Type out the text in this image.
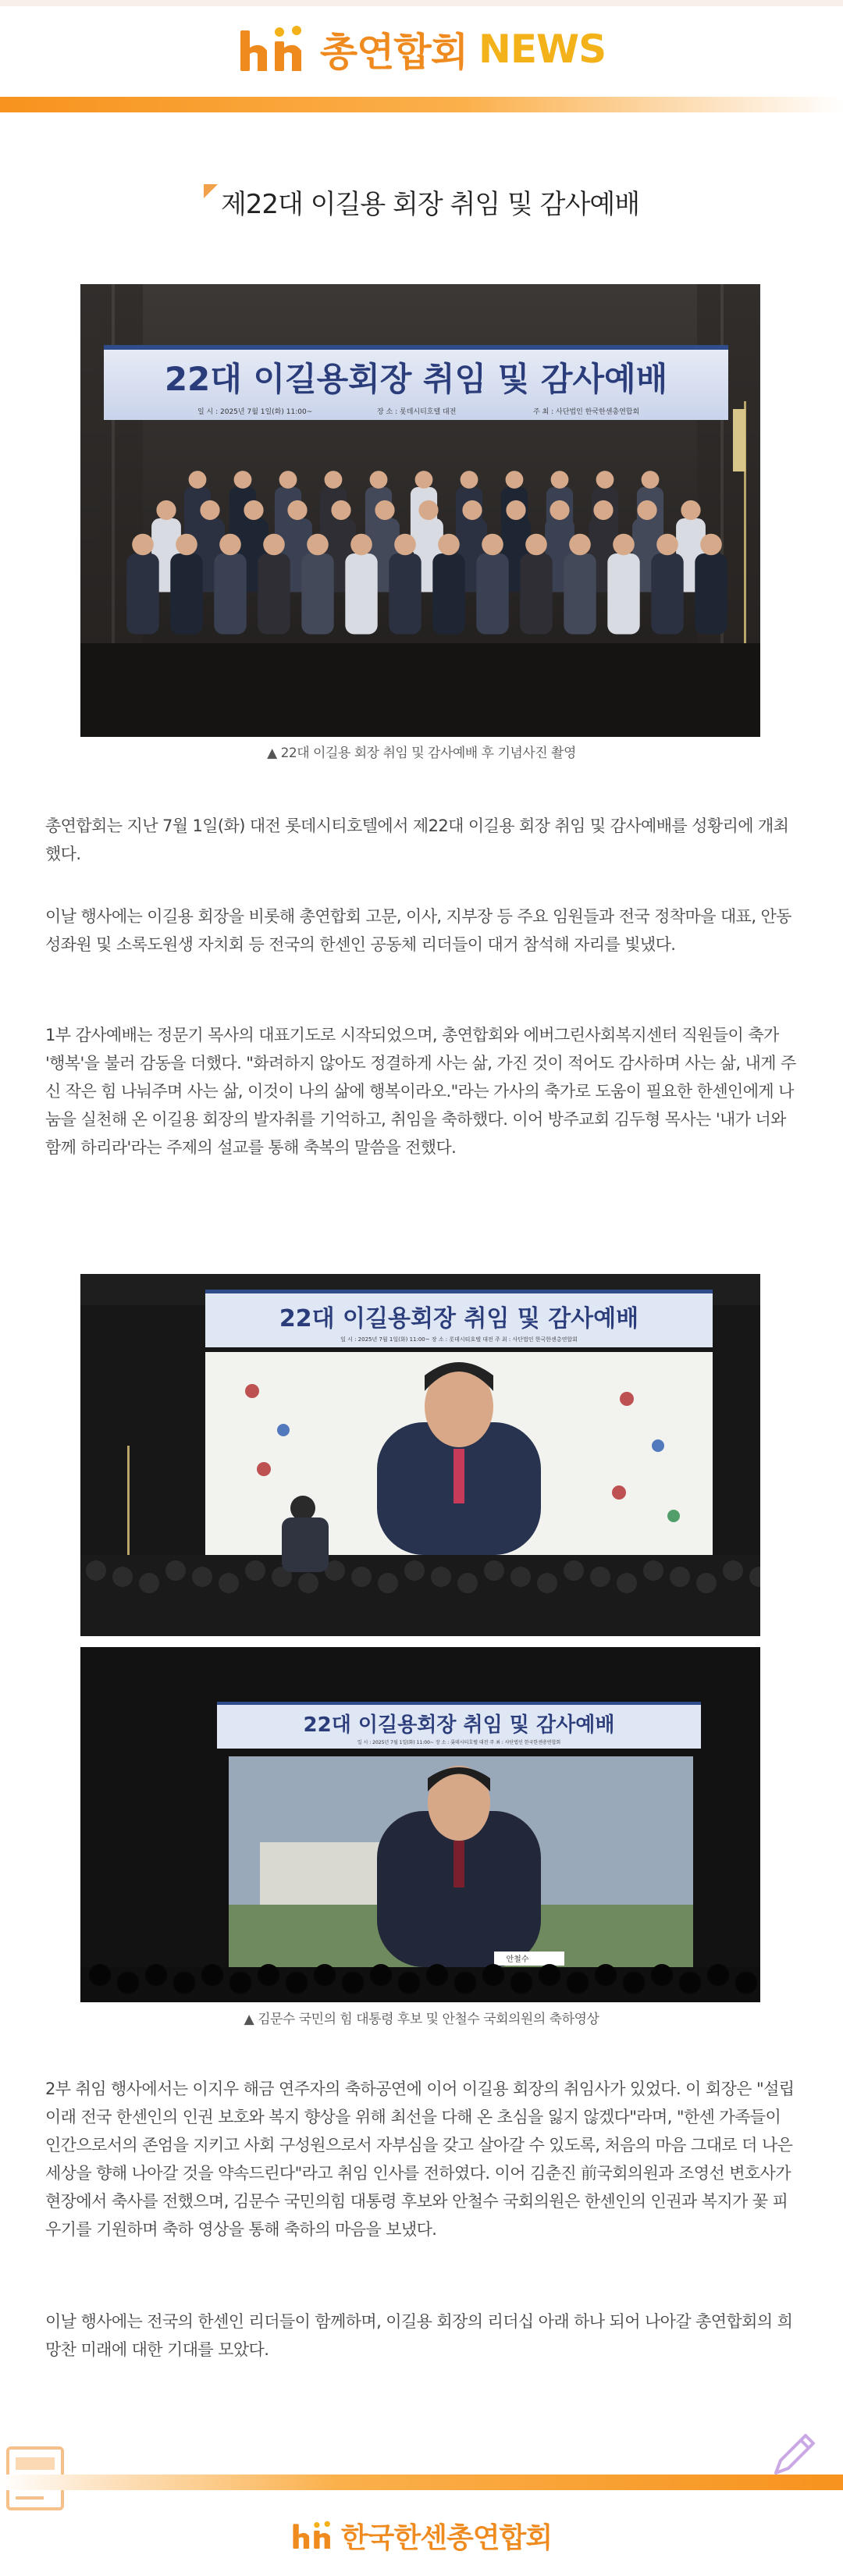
총연합회 NEWS
제22대 이길용 회장 취임 및 감사예배
22대 이길용회장 취임 및 감사예배
일 시 : 2025년 7월 1일(화) 11:00~	장 소 : 롯데시티호텔 대전	주 최 : 사단법인 한국한센총연합회
▲ 22대 이길용 회장 취임 및 감사예배 후 기념사진 촬영

총연합회는 지난 7월 1일(화) 대전 롯데시티호텔에서 제22대 이길용 회장 취임 및 감사예배를 성황리에 개최했다.

이날 행사에는 이길용 회장을 비롯해 총연합회 고문, 이사, 지부장 등 주요 임원들과 전국 정착마을 대표, 안동성좌원 및 소록도원생 자치회 등 전국의 한센인 공동체 리더들이 대거 참석해 자리를 빛냈다.

1부 감사예배는 정문기 목사의 대표기도로 시작되었으며, 총연합회와 에버그린사회복지센터 직원들이 축가 '행복'을 불러 감동을 더했다. "화려하지 않아도 정결하게 사는 삶, 가진 것이 적어도 감사하며 사는 삶, 내게 주신 작은 힘 나눠주며 사는 삶, 이것이 나의 삶에 행복이라오."라는 가사의 축가로 도움이 필요한 한센인에게 나눔을 실천해 온 이길용 회장의 발자취를 기억하고, 취임을 축하했다. 이어 방주교회 김두형 목사는 '내가 너와 함께 하리라'라는 주제의 설교를 통해 축복의 말씀을 전했다.

22대 이길용회장 취임 및 감사예배
일 시 : 2025년 7월 1일(화) 11:00~ 장 소 : 롯데시티호텔 대전 주 최 : 사단법인 한국한센총연합회
22대 이길용회장 취임 및 감사예배
일 시 : 2025년 7월 1일(화) 11:00~ 장 소 : 롯데시티호텔 대전 주 최 : 사단법인 한국한센총연합회
안철수
▲ 김문수 국민의 힘 대통령 후보 및 안철수 국회의원의 축하영상

2부 취임 행사에서는 이지우 해금 연주자의 축하공연에 이어 이길용 회장의 취임사가 있었다. 이 회장은 "설립 이래 전국 한센인의 인권 보호와 복지 향상을 위해 최선을 다해 온 초심을 잃지 않겠다"라며, "한센 가족들이 인간으로서의 존엄을 지키고 사회 구성원으로서 자부심을 갖고 살아갈 수 있도록, 처음의 마음 그대로 더 나은 세상을 향해 나아갈 것을 약속드린다"라고 취임 인사를 전하였다. 이어 김춘진 前국회의원과 조영선 변호사가 현장에서 축사를 전했으며, 김문수 국민의힘 대통령 후보와 안철수 국회의원은 한센인의 인권과 복지가 꽃 피우기를 기원하며 축하 영상을 통해 축하의 마음을 보냈다.

이날 행사에는 전국의 한센인 리더들이 함께하며, 이길용 회장의 리더십 아래 하나 되어 나아갈 총연합회의 희망찬 미래에 대한 기대를 모았다.

한국한센총연합회
